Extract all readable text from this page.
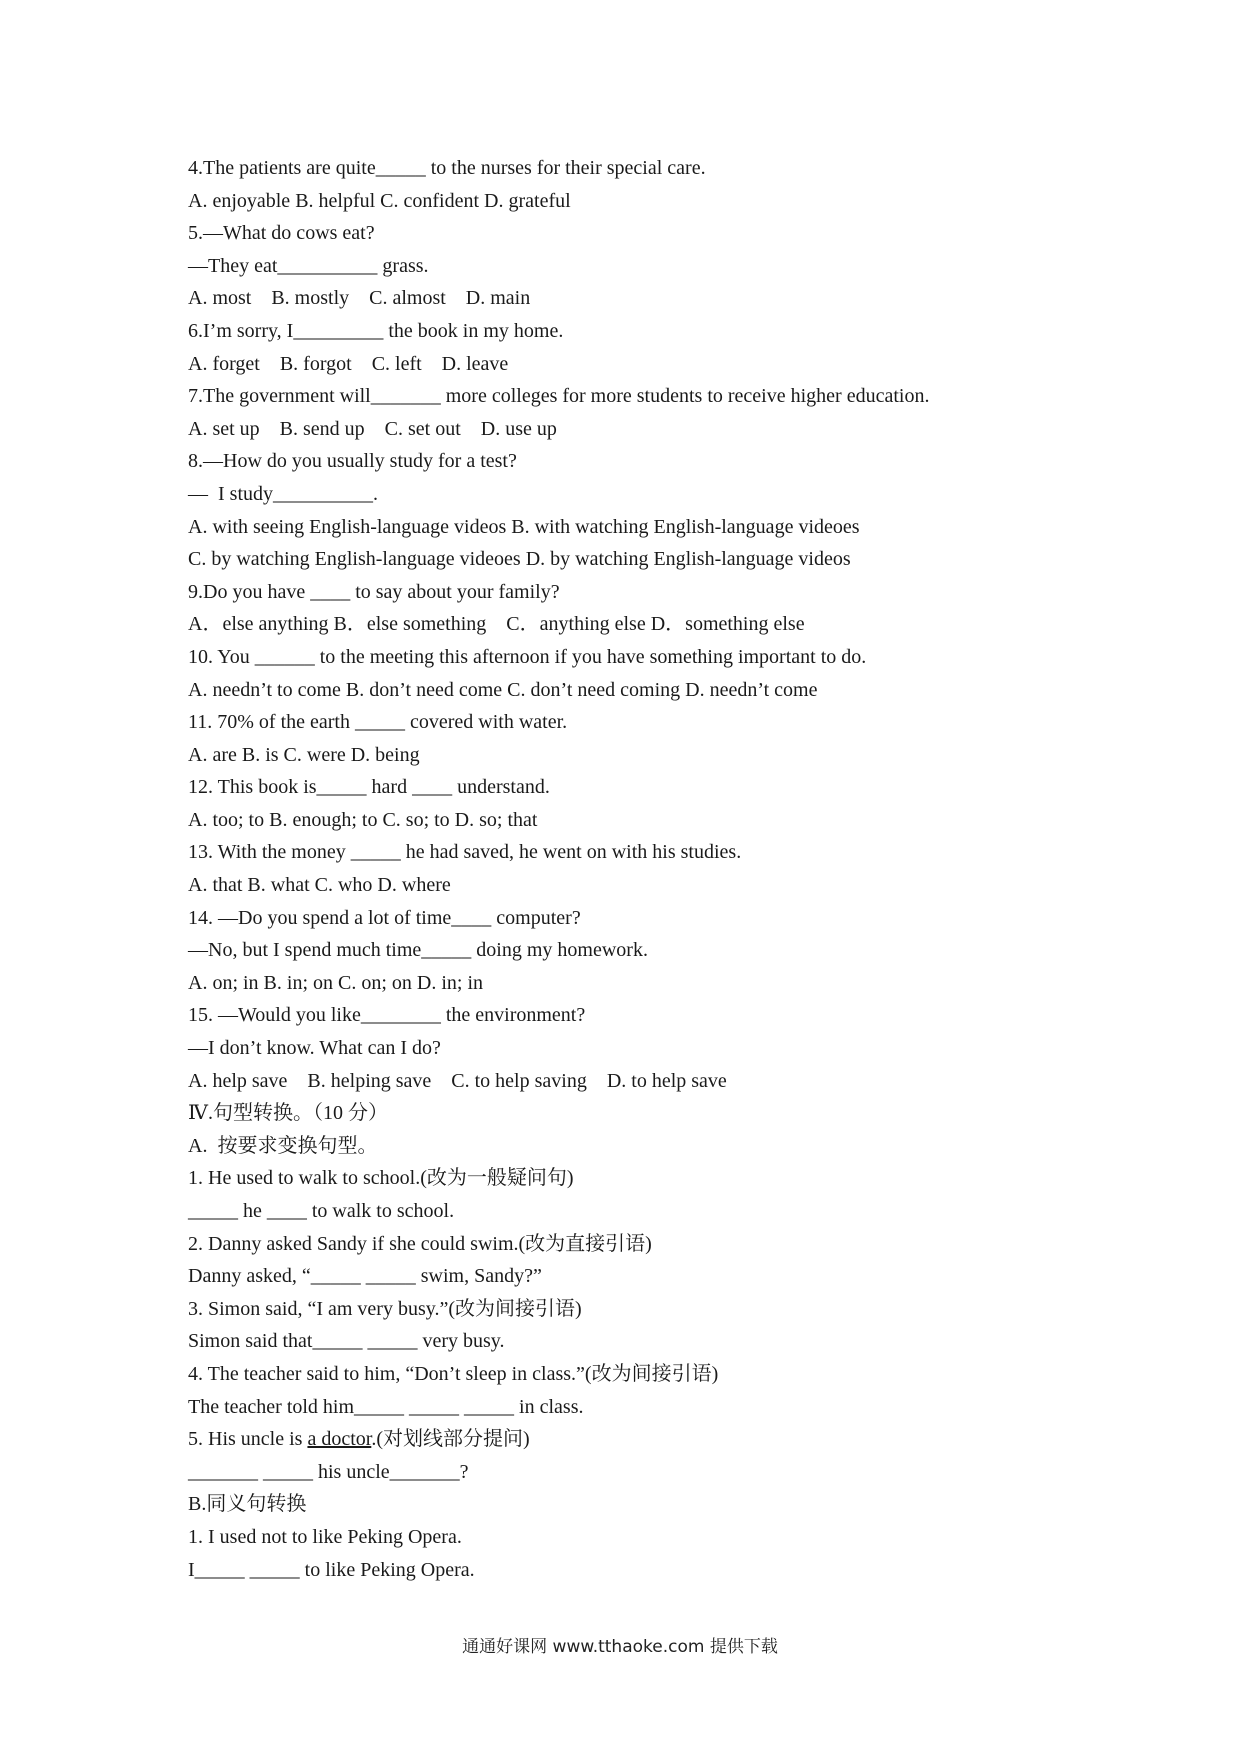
4.The patients are quite_____ to the nurses for their special care.
A. enjoyable B. helpful C. confident D. grateful
5.—What do cows eat?
—They eat__________ grass.
A. most    B. mostly    C. almost    D. main
6.I’m sorry, I_________ the book in my home.
A. forget    B. forgot    C. left    D. leave
7.The government will_______ more colleges for more students to receive higher education.
A. set up    B. send up    C. set out    D. use up
8.—How do you usually study for a test?
—  I study__________.
A. with seeing English-language videos B. with watching English-language videoes
C. by watching English-language videoes D. by watching English-language videos
9.Do you have ____ to say about your family?
A．else anything B．else something    C．anything else D．something else
10. You ______ to the meeting this afternoon if you have something important to do.
A. needn’t to come B. don’t need come C. don’t need coming D. needn’t come
11. 70% of the earth _____ covered with water.
A. are B. is C. were D. being
12. This book is_____ hard ____ understand.
A. too; to B. enough; to C. so; to D. so; that
13. With the money _____ he had saved, he went on with his studies.
A. that B. what C. who D. where
14. —Do you spend a lot of time____ computer?
—No, but I spend much time_____ doing my homework.
A. on; in B. in; on C. on; on D. in; in
15. —Would you like________ the environment?
—I don’t know. What can I do?
A. help save    B. helping save    C. to help saving    D. to help save
Ⅳ.句型转换。（10 分）
A.  按要求变换句型。
1. He used to walk to school.(改为一般疑问句)
_____ he ____ to walk to school.
2. Danny asked Sandy if she could swim.(改为直接引语)
Danny asked, “_____ _____ swim, Sandy?”
3. Simon said, “I am very busy.”(改为间接引语)
Simon said that_____ _____ very busy.
4. The teacher said to him, “Don’t sleep in class.”(改为间接引语)
The teacher told him_____ _____ _____ in class.
5. His uncle is a doctor.(对划线部分提问)
_______ _____ his uncle_______?
B.同义句转换
1. I used not to like Peking Opera.
I_____ _____ to like Peking Opera.
通通好课网 www.tthaoke.com 提供下载
